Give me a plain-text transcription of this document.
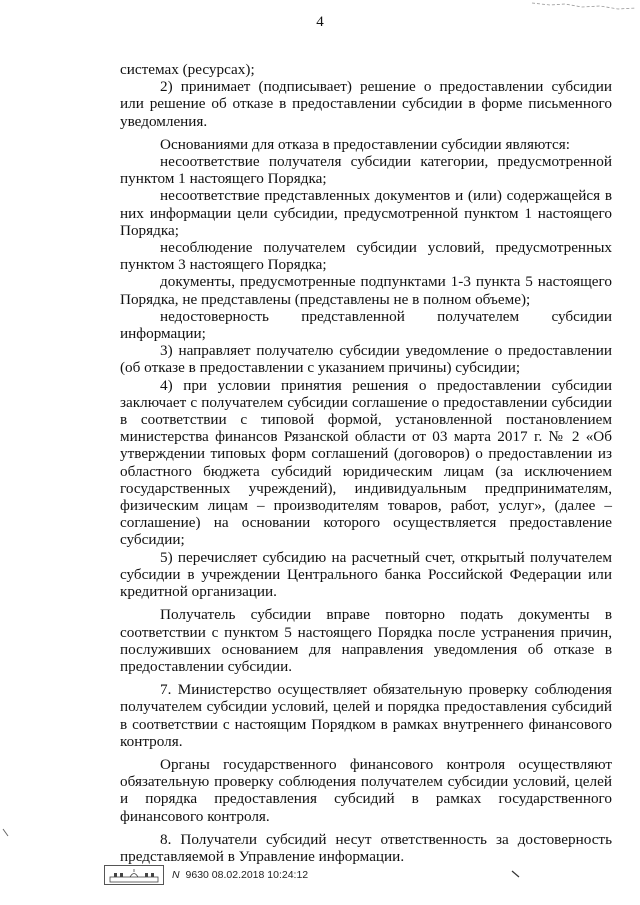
4

системах (ресурсах);

2) принимает (подписывает) решение о предоставлении субсидии или решение об отказе в предоставлении субсидии в форме письменного уведомления.

Основаниями для отказа в предоставлении субсидии являются:

несоответствие получателя субсидии категории, предусмотренной пунктом 1 настоящего Порядка;

несоответствие представленных документов и (или) содержащейся в них информации цели субсидии, предусмотренной пунктом 1 настоящего Порядка;

несоблюдение получателем субсидии условий, предусмотренных пунктом 3 настоящего Порядка;

документы, предусмотренные подпунктами 1-3 пункта 5 настоящего Порядка, не представлены (представлены не в полном объеме);

недостоверность представленной получателем субсидии информации;

3) направляет получателю субсидии уведомление о предоставлении (об отказе в предоставлении с указанием причины) субсидии;

4) при условии принятия решения о предоставлении субсидии заключает с получателем субсидии соглашение о предоставлении субсидии в соответствии с типовой формой, установленной постановлением министерства финансов Рязанской области от 03 марта 2017 г. № 2 «Об утверждении типовых форм соглашений (договоров) о предоставлении из областного бюджета субсидий юридическим лицам (за исключением государственных учреждений), индивидуальным предпринимателям, физическим лицам – производителям товаров, работ, услуг», (далее – соглашение) на основании которого осуществляется предоставление субсидии;

5) перечисляет субсидию на расчетный счет, открытый получателем субсидии в учреждении Центрального банка Российской Федерации или кредитной организации.

Получатель субсидии вправе повторно подать документы в соответствии с пунктом 5 настоящего Порядка после устранения причин, послуживших основанием для направления уведомления об отказе в предоставлении субсидии.

7. Министерство осуществляет обязательную проверку соблюдения получателем субсидии условий, целей и порядка предоставления субсидий в соответствии с настоящим Порядком в рамках внутреннего финансового контроля.

Органы государственного финансового контроля осуществляют обязательную проверку соблюдения получателем субсидии условий, целей и порядка предоставления субсидий в рамках государственного финансового контроля.

8. Получатели субсидий несут ответственность за достоверность представляемой в Управление информации.

N 9630 08.02.2018 10:24:12
